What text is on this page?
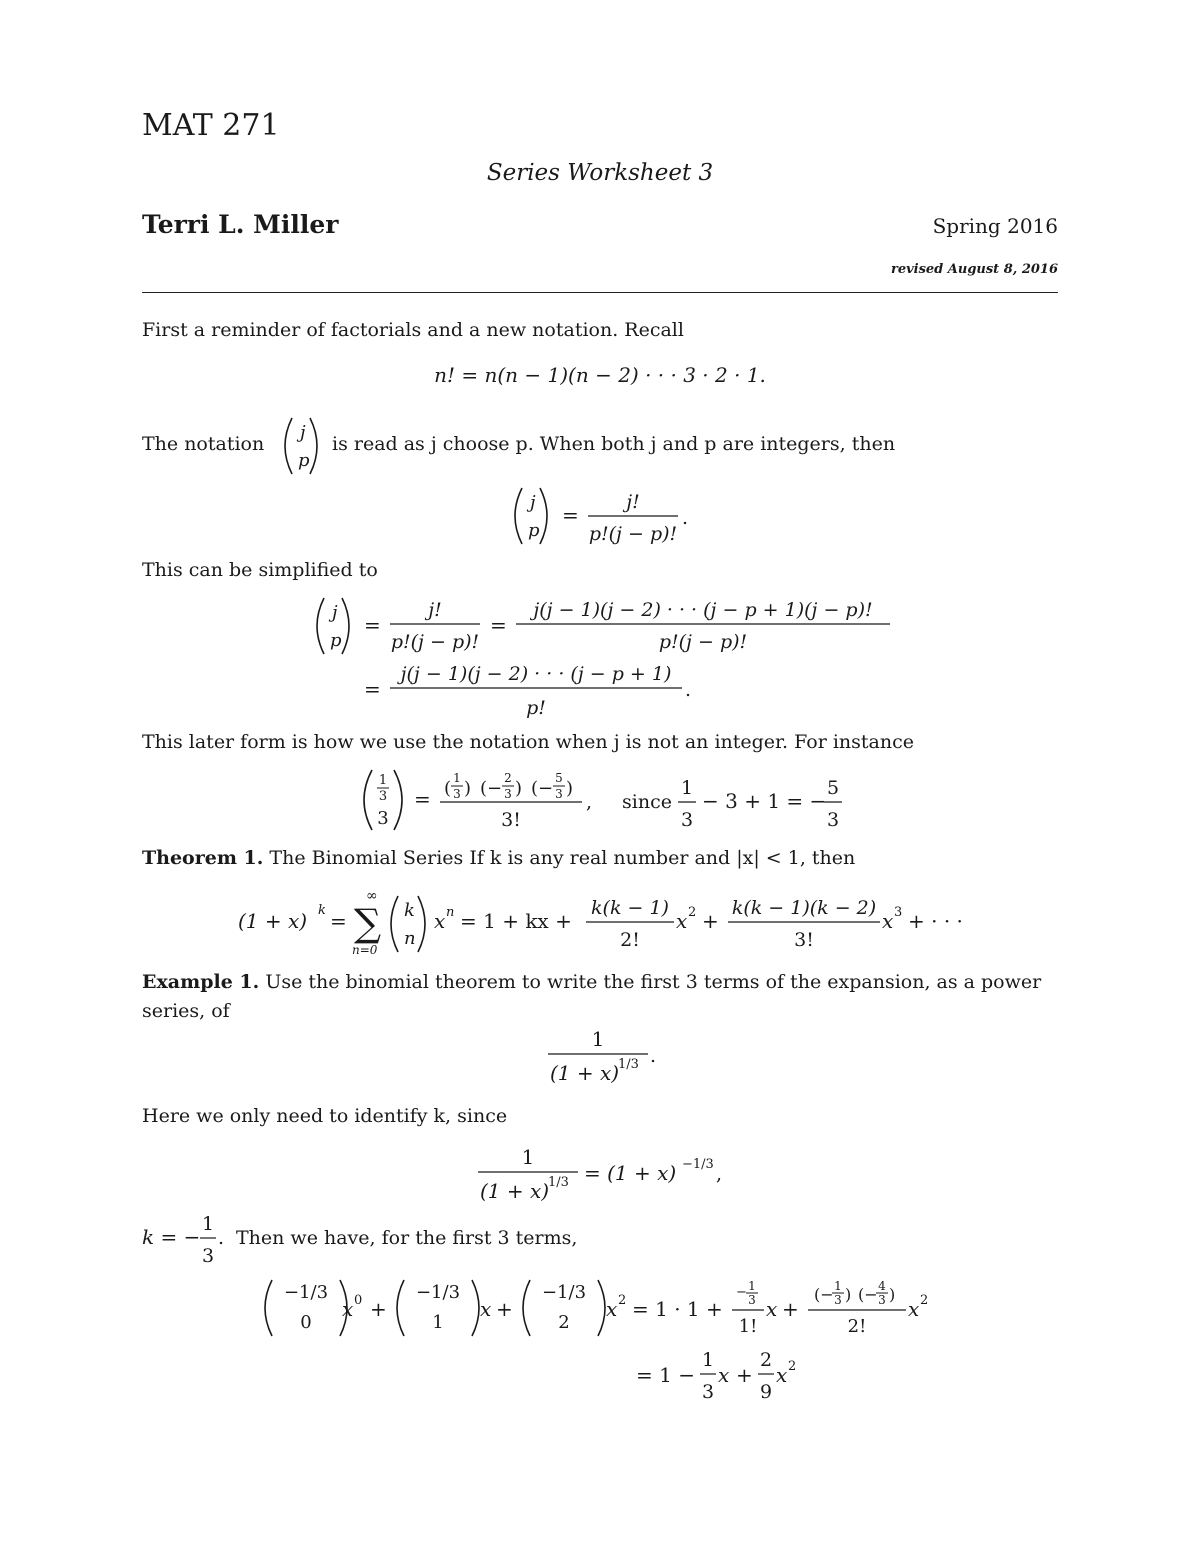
MAT 271
Series Worksheet 3
Terri L. Miller	Spring 2016
revised August 8, 2016
First a reminder of factorials and a new notation. Recall
n! = n(n − 1)(n − 2) · · · 3 · 2 · 1.
The notation
j
p
is read as j choose p. When both j and p are integers, then
j
p
=
j!
p!(j − p)!
.
This can be simplified to
j
p
=
j!
p!(j − p)!
=
j(j − 1)(j − 2) · · · (j − p + 1)(j − p)!
p!(j − p)!
=
j(j − 1)(j − 2) · · · (j − p + 1)
p!
.
This later form is how we use the notation when j is not an integer. For instance
1
3
3
= ( 1
3 ) (− 2
3 ) (− 5
3 )
3!
, since
1
3
− 3 + 1 = −
5
3
Theorem 1. The Binomial Series If k is any real number and |x| < 1, then
(1 + x) k =
∞
∑
n=0
k
n
x n = 1 + kx +
k(k − 1)
2!
x 2 +
k(k − 1)(k − 2)
3!
x 3 + · · ·
Example 1. Use the binomial theorem to write the first 3 terms of the expansion, as a power series, of
1
(1 + x)
1/3 .
Here we only need to identify k, since
1
(1 + x)
1/3 = (1 + x) −1/3 ,
k = −
1
3
. Then we have, for the first 3 terms,
−1/3
0
x 0 +
−1/3
1
x +
−1/3
2
x 2 = 1 · 1 +
− 1
3
1!
x +
(− 1
3 ) (− 4
3 )
2!
x 2
= 1 −
1
3
x +
2
9
x 2
